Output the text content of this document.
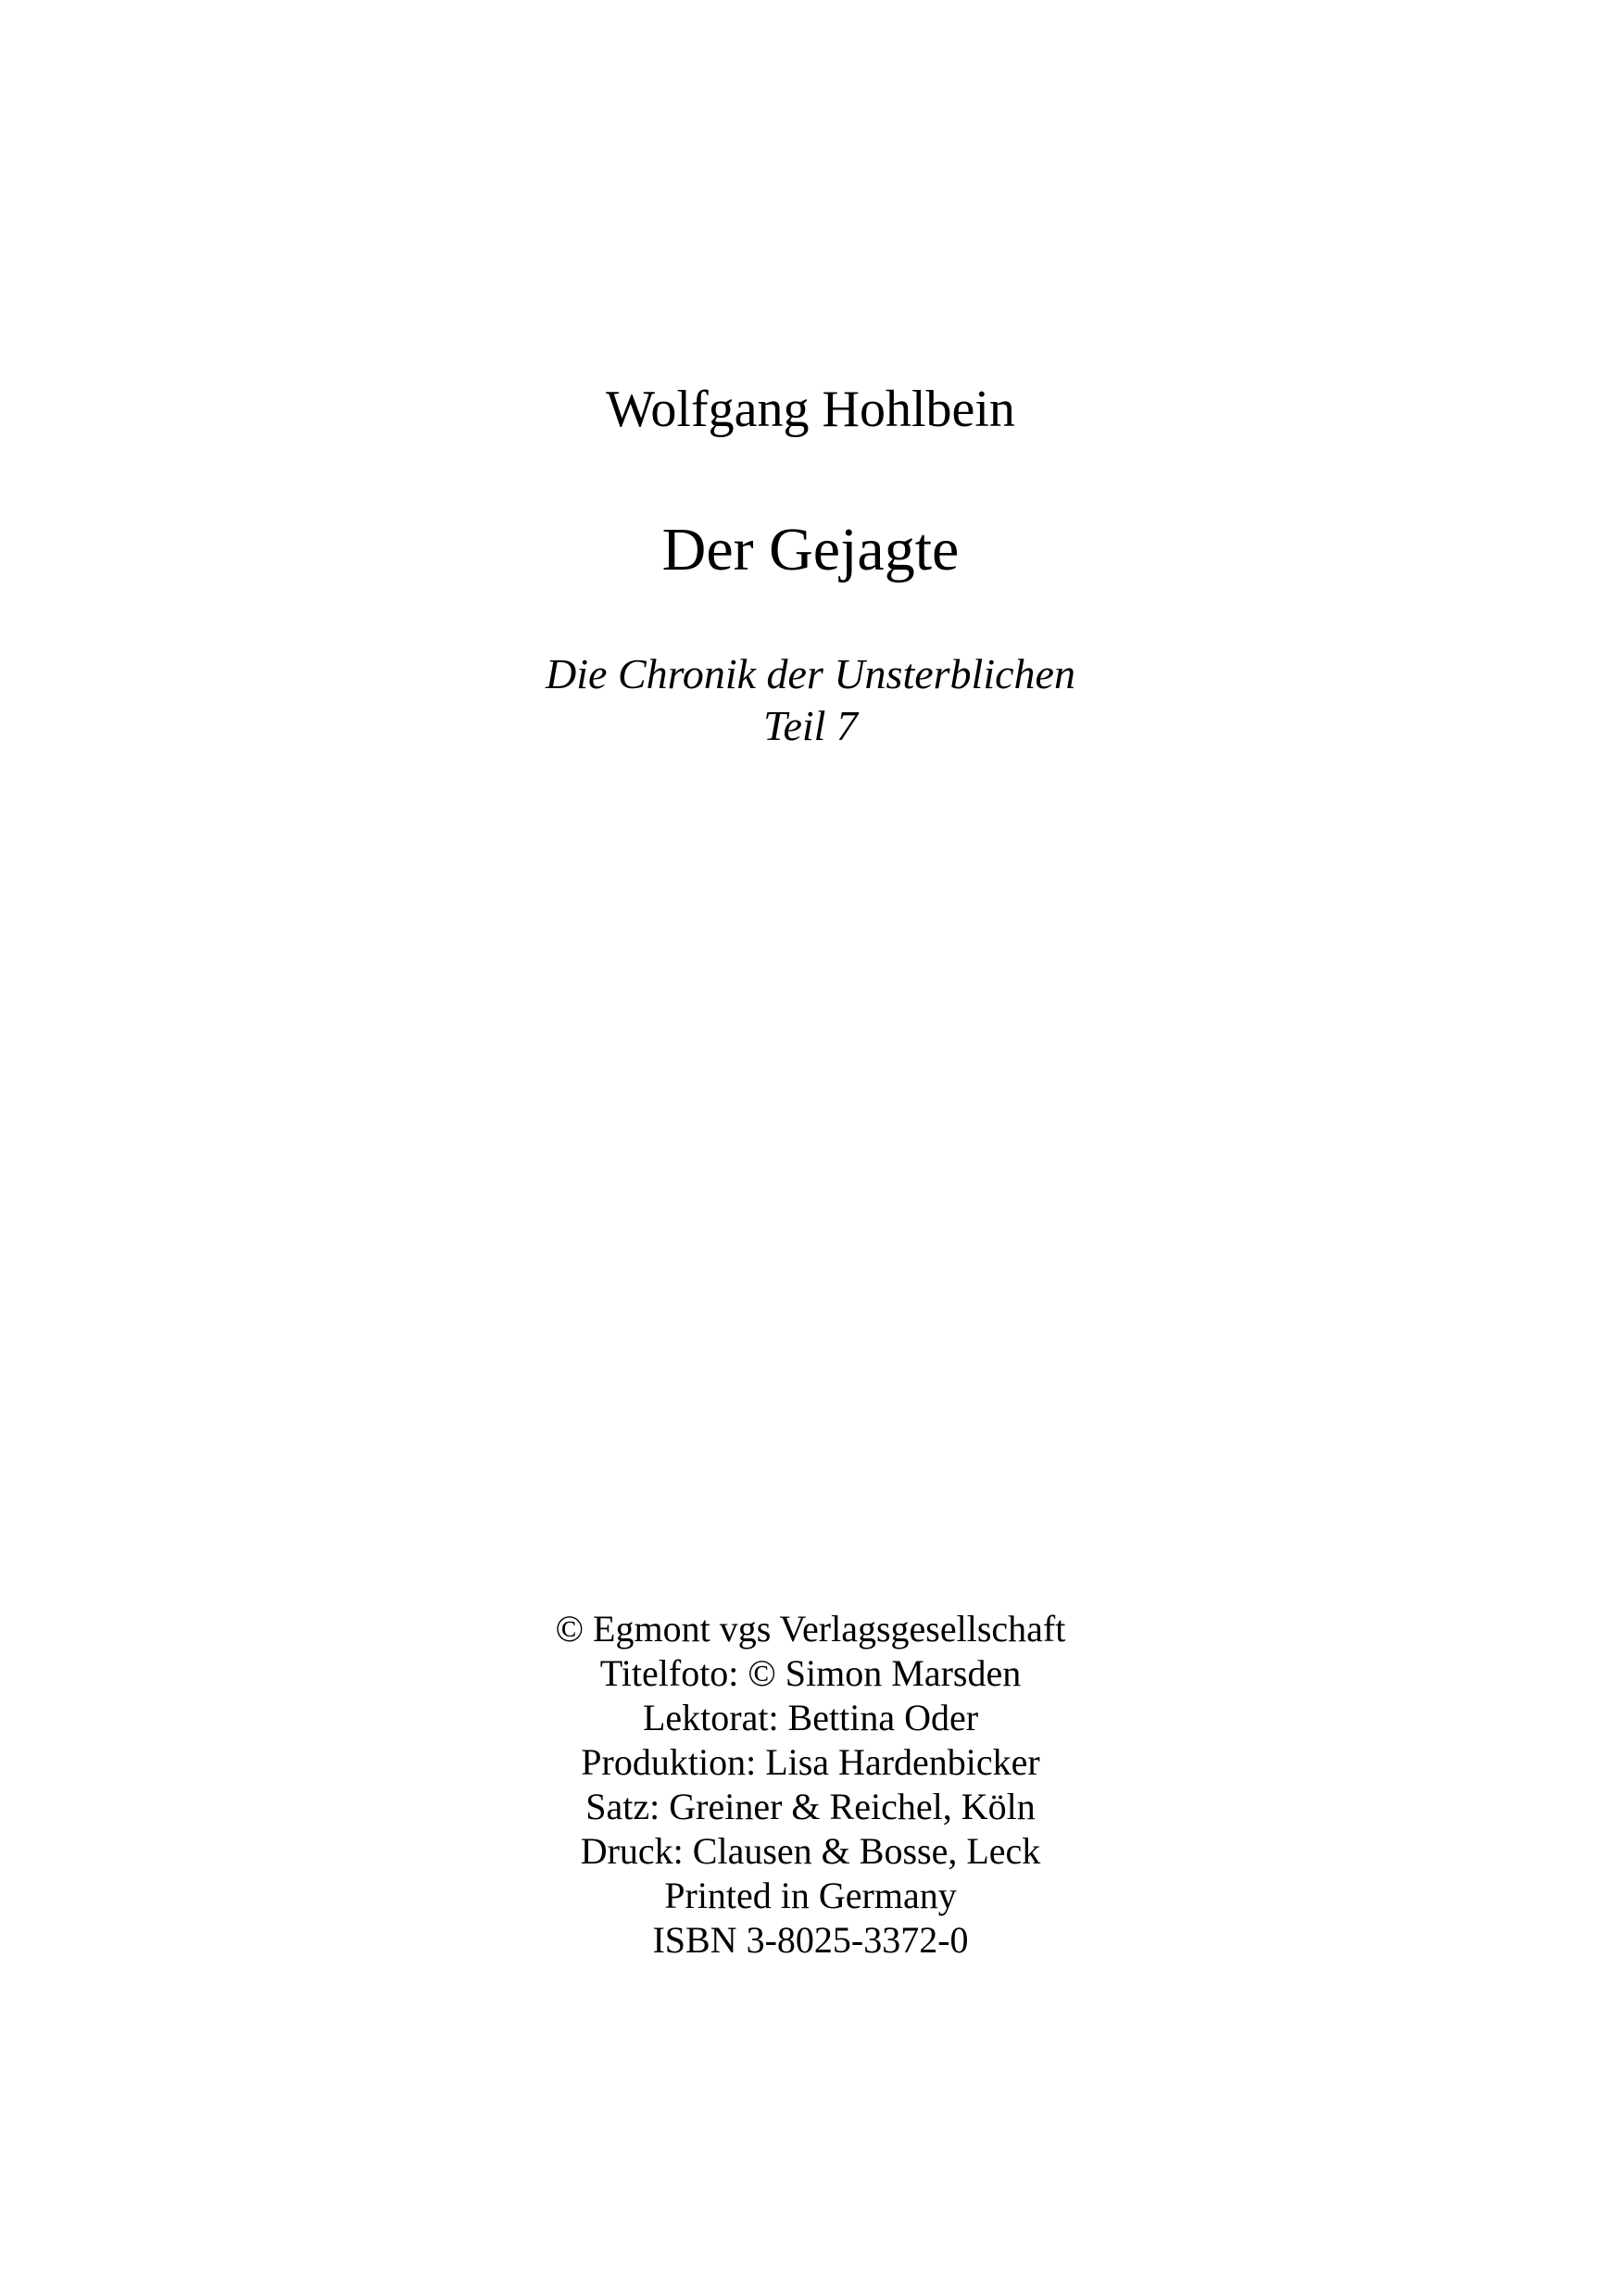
Wolfgang Hohlbein
Der Gejagte
Die Chronik der Unsterblichen
Teil 7
© Egmont vgs Verlagsgesellschaft
Titelfoto: © Simon Marsden
Lektorat: Bettina Oder
Produktion: Lisa Hardenbicker
Satz: Greiner & Reichel, Köln
Druck: Clausen & Bosse, Leck
Printed in Germany
ISBN 3-8025-3372-0
